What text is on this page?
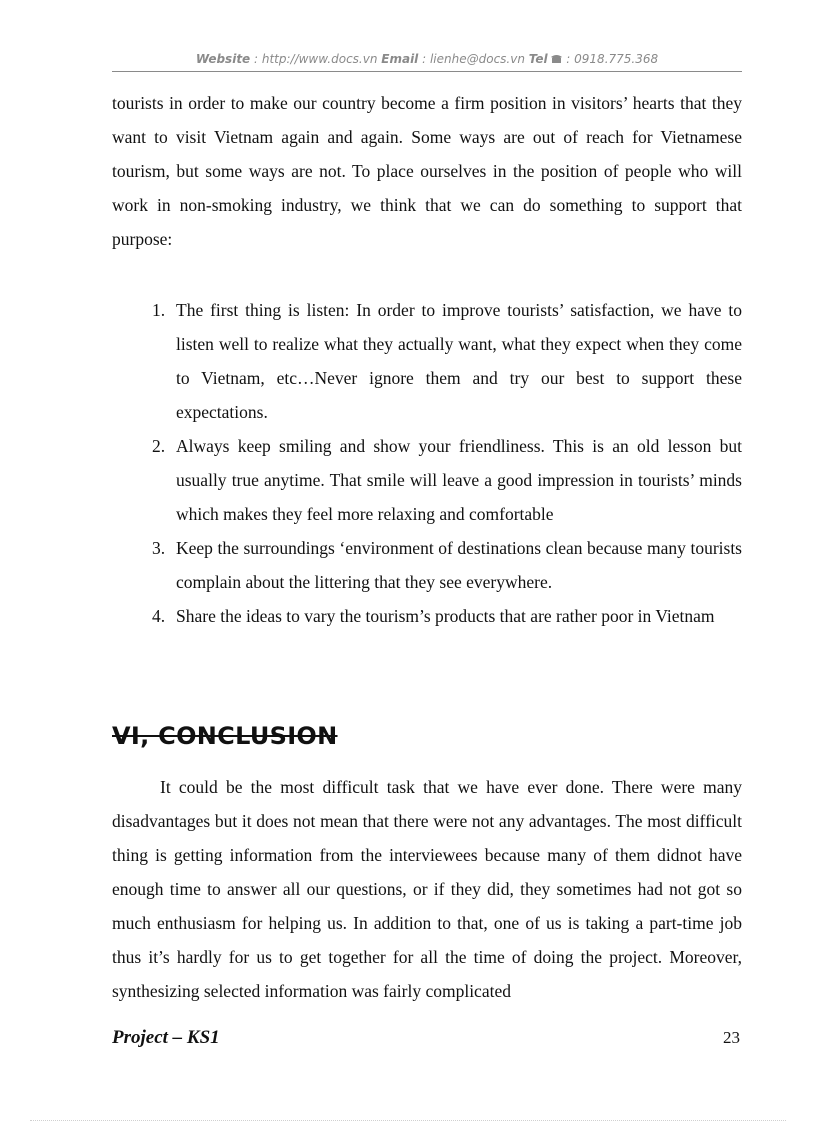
Website : http://www.docs.vn Email : lienhe@docs.vn Tel  : 0918.775.368
tourists in order to make our country become a firm position in visitors’ hearts that they want to visit Vietnam again and again. Some ways are out of reach for Vietnamese tourism, but some ways are not. To place ourselves in the position of people who will work in non-smoking industry, we think that we can do something to support that purpose:
1. The first thing is listen: In order to improve tourists’ satisfaction, we have to listen well to realize what they actually want, what they expect when they come to Vietnam, etc…Never ignore them and try our best to support these expectations.
2. Always keep smiling and show your friendliness. This is an old lesson but usually true anytime. That smile will leave a good impression in tourists’ minds which makes they feel more relaxing and comfortable
3. Keep the surroundings ‘environment of destinations clean because many tourists complain about the littering that they see everywhere.
4. Share the ideas to vary the tourism’s products that are rather poor in Vietnam
VI, CONCLUSION
It could be the most difficult task that we have ever done. There were many disadvantages but it does not mean that there were not any advantages. The most difficult thing is getting information from the interviewees because many of them didnot have enough time to answer all our questions, or if they did, they sometimes had not got so much enthusiasm for helping us. In addition to that, one of us is taking a part-time job thus it’s hardly for us to get together for all the time of doing the project. Moreover, synthesizing selected information was fairly complicated
Project – KS1	23
